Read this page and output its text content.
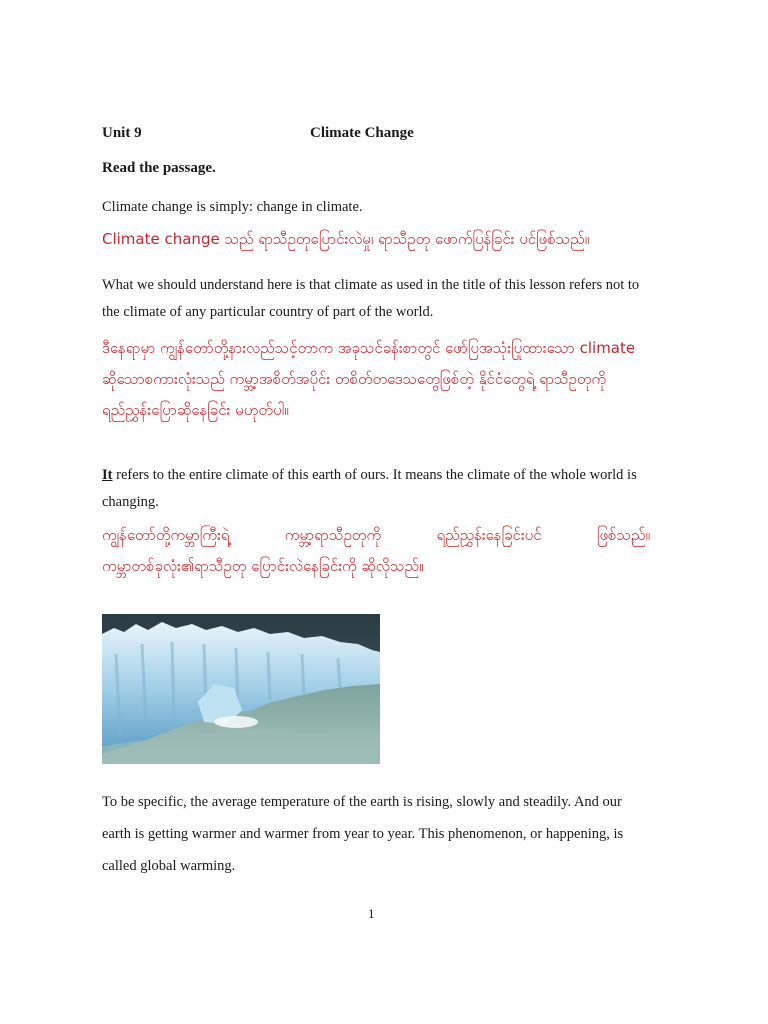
Unit 9	Climate Change

Read the passage.

Climate change is simply: change in climate.

Climate change သည် ရာသီဥတုပြောင်းလဲမှု၊ ရာသီဥတု ဖောက်ပြန်ခြင်း ပင်ဖြစ်သည်။

What we should understand here is that climate as used in the title of this lesson refers not to the climate of any particular country of part of the world.

ဒီနေရာမှာ ကျွန်တော်တို့နားလည်သင့်တာက အခုသင်ခန်းစာတွင် ဖော်ပြအသုံးပြုထားသော climate ဆိုသောစကားလုံးသည် ကမ္ဘာ့အစိတ်အပိုင်း တစိတ်တဒေသတွေဖြစ်တဲ့ နိုင်ငံတွေရဲ့ ရာသီဥတုကို ရည်ညွှန်းပြောဆိုနေခြင်း မဟုတ်ပါ။

It refers to the entire climate of this earth of ours. It means the climate of the whole world is changing.

ကျွန်တော်တို့ကမ္ဘာကြီးရဲ့	ကမ္ဘာ့ရာသီဥတုကို	ရည်ညွှန်းနေခြင်းပင်	ဖြစ်သည်။
ကမ္ဘာတစ်ခုလုံး၏ရာသီဥတု ပြောင်းလဲနေခြင်းကို ဆိုလိုသည်။

To be specific, the average temperature of the earth is rising, slowly and steadily. And our earth is getting warmer and warmer from year to year. This phenomenon, or happening, is called global warming.

1
